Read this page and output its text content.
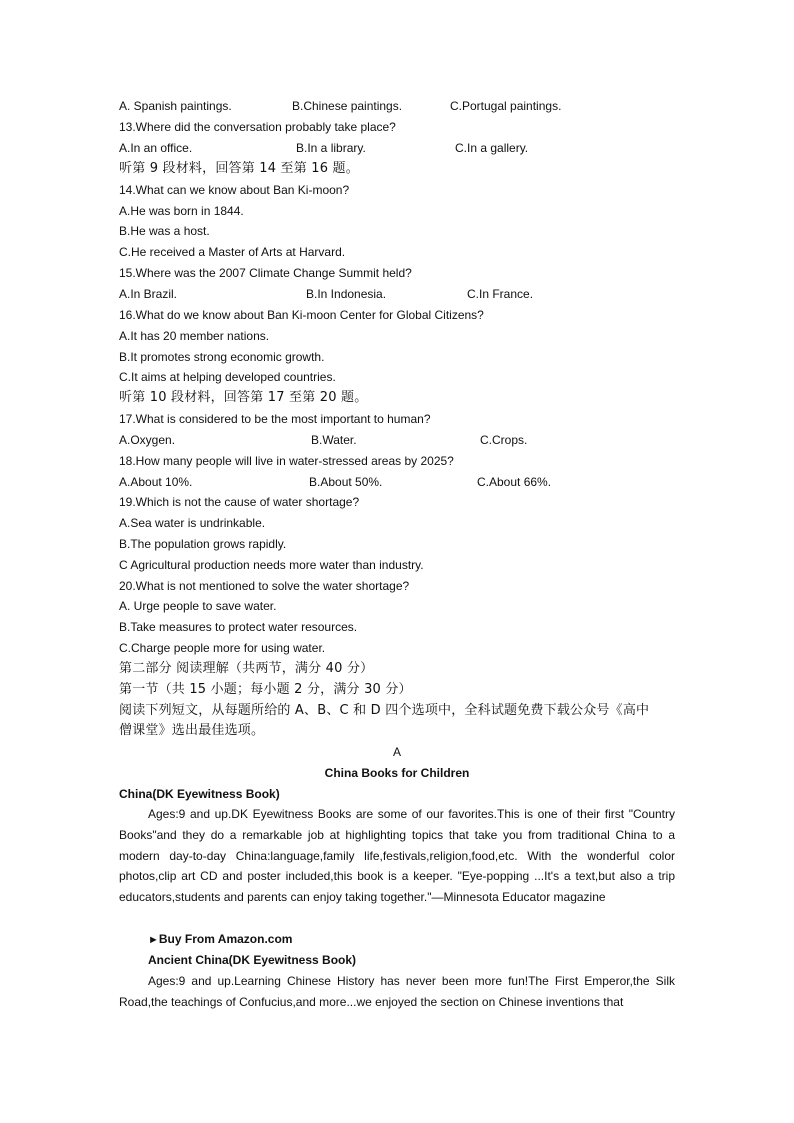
A. Spanish paintings.	B.Chinese paintings.	C.Portugal paintings.
13.Where did the conversation probably take place?
A.In an office.	B.In a library.	C.In a gallery.
听第 9 段材料，回答第 14 至第 16 题。
14.What can we know about Ban Ki-moon?
A.He was born in 1844.
B.He was a host.
C.He received a Master of Arts at Harvard.
15.Where was the 2007 Climate Change Summit held?
A.In Brazil.	B.In Indonesia.	C.In France.
16.What do we know about Ban Ki-moon Center for Global Citizens?
A.It has 20 member nations.
B.It promotes strong economic growth.
C.It aims at helping developed countries.
听第 10 段材料，回答第 17 至第 20 题。
17.What is considered to be the most important to human?
A.Oxygen.	B.Water.	C.Crops.
18.How many people will live in water-stressed areas by 2025?
A.About 10%.	B.About 50%.	C.About 66%.
19.Which is not the cause of water shortage?
A.Sea water is undrinkable.
B.The population grows rapidly.
C Agricultural production needs more water than industry.
20.What is not mentioned to solve the water shortage?
A. Urge people to save water.
B.Take measures to protect water resources.
C.Charge people more for using water.
第二部分 阅读理解（共两节，满分 40 分）
第一节（共 15 小题；每小题 2 分，满分 30 分）
阅读下列短文，从每题所给的 A、B、C 和 D 四个选项中，全科试题免费下载公众号《高中
僧课堂》选出最佳选项。
A
China Books for Children
China(DK Eyewitness Book)

Ages:9 and up.DK Eyewitness Books are some of our favorites.This is one of their first "Country Books"and they do a remarkable job at highlighting topics that take you from traditional China to a modern day-to-day China:language,family life,festivals,religion,food,etc. With the wonderful color photos,clip art CD and poster included,this book is a keeper. "Eye-popping ...It's a text,but also a trip educators,students and parents can enjoy taking together."—Minnesota Educator magazine

►Buy From Amazon.com
Ancient China(DK Eyewitness Book)

Ages:9 and up.Learning Chinese History has never been more fun!The First Emperor,the Silk Road,the teachings of Confucius,and more...we enjoyed the section on Chinese inventions that
